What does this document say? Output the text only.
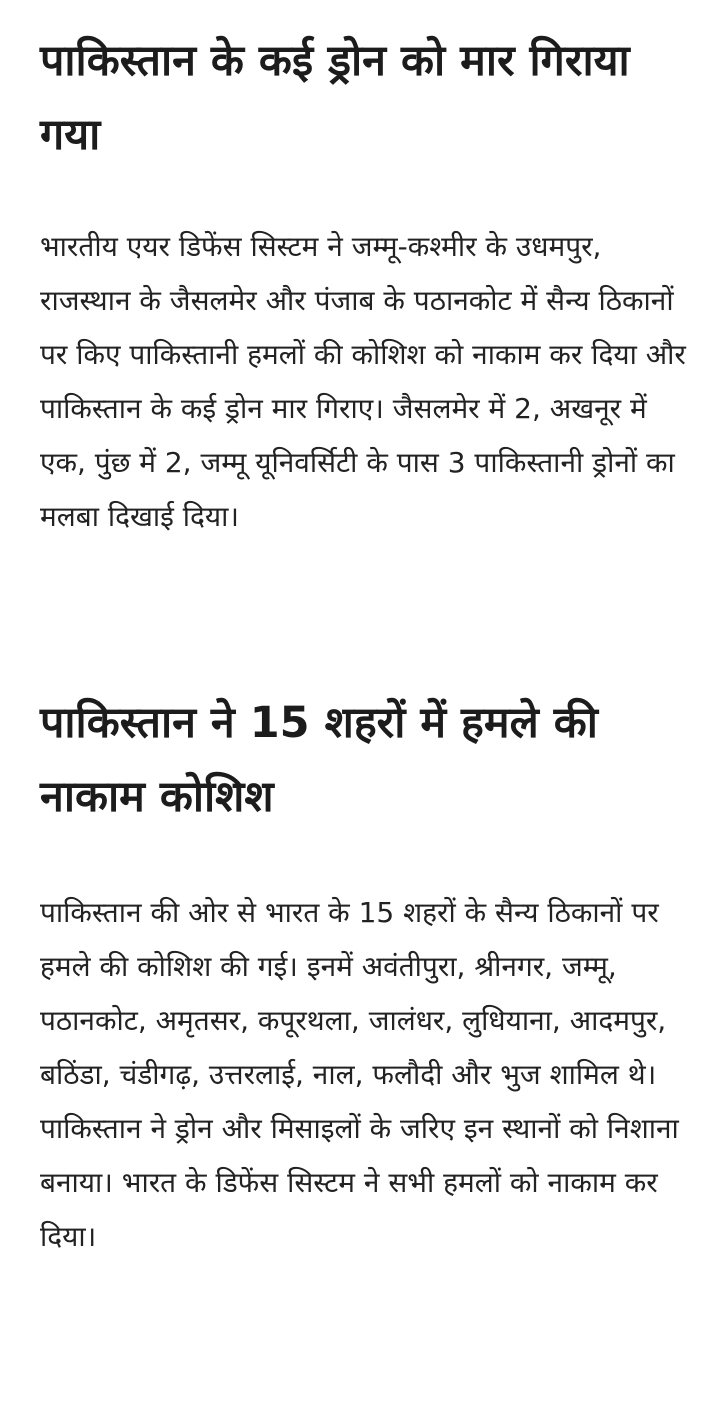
पाकिस्तान के कई ड्रोन को मार गिराया गया

भारतीय एयर डिफेंस सिस्टम ने जम्मू-कश्मीर के उधमपुर, राजस्थान के जैसलमेर और पंजाब के पठानकोट में सैन्य ठिकानों पर किए पाकिस्तानी हमलों की कोशिश को नाकाम कर दिया और पाकिस्तान के कई ड्रोन मार गिराए। जैसलमेर में 2, अखनूर में एक, पुंछ में 2, जम्मू यूनिवर्सिटी के पास 3 पाकिस्तानी ड्रोनों का मलबा दिखाई दिया।

पाकिस्तान ने 15 शहरों में हमले की नाकाम कोशिश

पाकिस्तान की ओर से भारत के 15 शहरों के सैन्य ठिकानों पर हमले की कोशिश की गई। इनमें अवंतीपुरा, श्रीनगर, जम्मू, पठानकोट, अमृतसर, कपूरथला, जालंधर, लुधियाना, आदमपुर, बठिंडा, चंडीगढ़, उत्तरलाई, नाल, फलौदी और भुज शामिल थे। पाकिस्तान ने ड्रोन और मिसाइलों के जरिए इन स्थानों को निशाना बनाया। भारत के डिफेंस सिस्टम ने सभी हमलों को नाकाम कर दिया।
